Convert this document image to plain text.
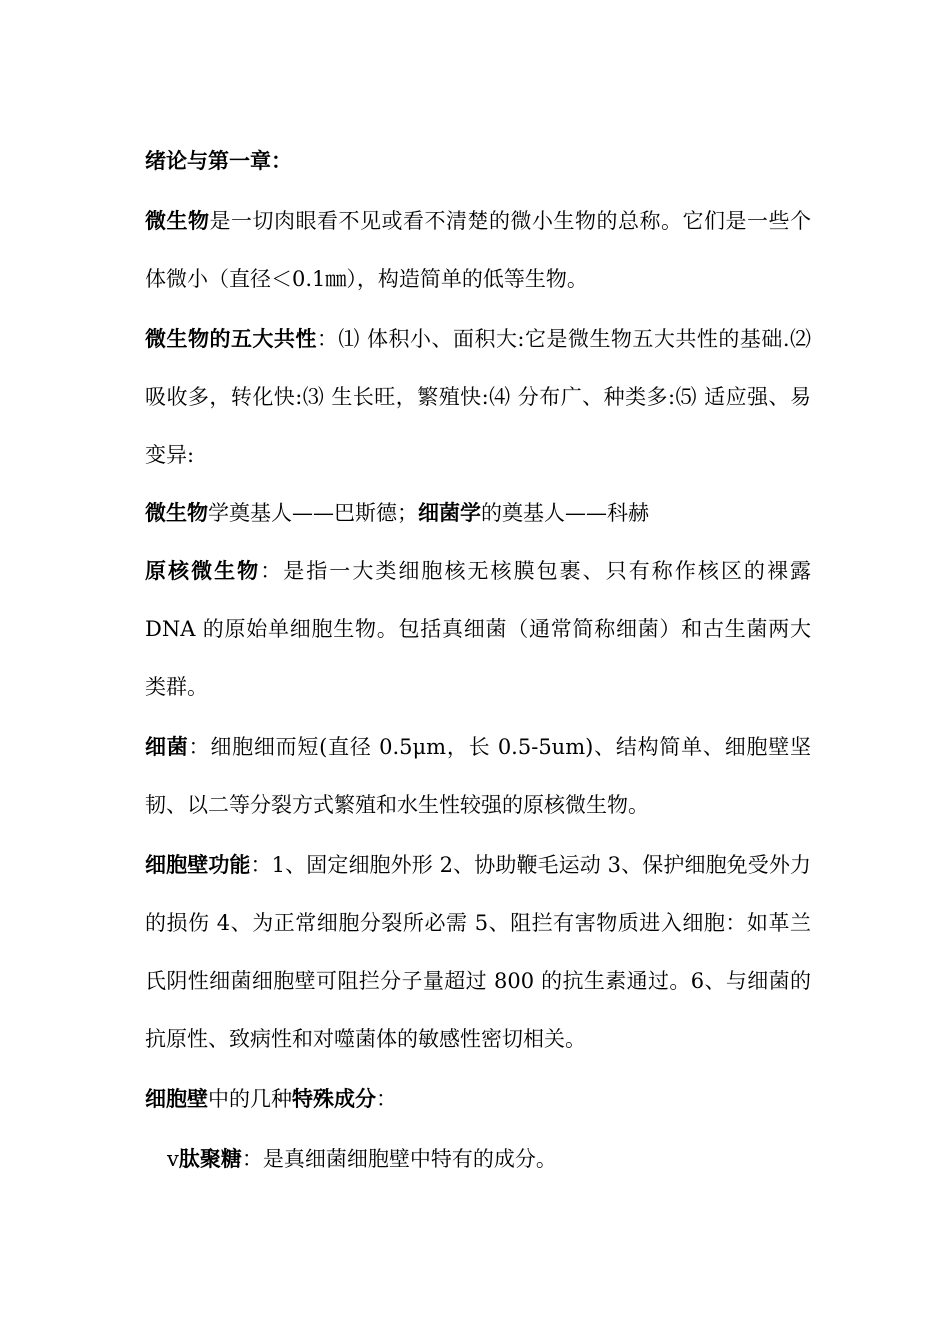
绪论与第一章：

微生物是一切肉眼看不见或看不清楚的微小生物的总称。它们是一些个体微小（直径＜0.1㎜），构造简单的低等生物。

微生物的五大共性：⑴ 体积小、面积大:它是微生物五大共性的基础.⑵ 吸收多，转化快:⑶ 生长旺，繁殖快:⑷ 分布广、种类多:⑸ 适应强、易变异:

微生物学奠基人——巴斯德；细菌学的奠基人——科赫

原核微生物：是指一大类细胞核无核膜包裹、只有称作核区的裸露 DNA 的原始单细胞生物。包括真细菌（通常简称细菌）和古生菌两大类群。

细菌：细胞细而短(直径 0.5μm，长 0.5-5um)、结构简单、细胞壁坚韧、以二等分裂方式繁殖和水生性较强的原核微生物。

细胞壁功能：1、固定细胞外形 2、协助鞭毛运动 3、保护细胞免受外力的损伤 4、为正常细胞分裂所必需 5、阻拦有害物质进入细胞：如革兰氏阴性细菌细胞壁可阻拦分子量超过 800 的抗生素通过。6、与细菌的抗原性、致病性和对噬菌体的敏感性密切相关。

细胞壁中的几种特殊成分：

v肽聚糖：是真细菌细胞壁中特有的成分。
